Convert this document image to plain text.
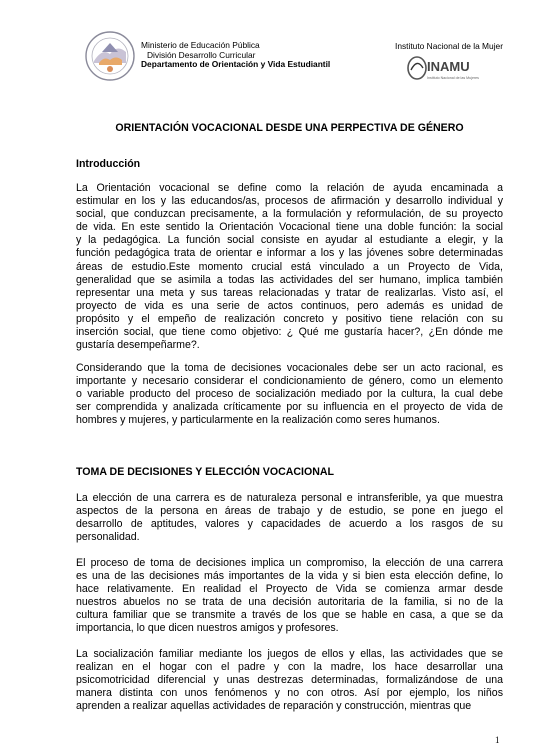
Ministerio de Educación Pública
División Desarrollo Curricular
Departamento de Orientación y Vida Estudiantil
Instituto Nacional de la Mujer
INAMU
Instituto Nacional de las Mujeres
ORIENTACIÓN VOCACIONAL DESDE UNA PERPECTIVA DE GÉNERO
Introducción
La Orientación vocacional se define como la relación de ayuda encaminada a
estimular en los y las educandos/as, procesos de afirmación y desarrollo individual y
social, que conduzcan precisamente, a la formulación y reformulación, de su proyecto
de vida. En este sentido la Orientación Vocacional tiene una doble función: la social
y la pedagógica. La función social consiste en ayudar al estudiante a elegir, y la
función pedagógica trata de orientar e informar a los y las jóvenes sobre determinadas
áreas de estudio.Este momento crucial está vinculado a un Proyecto de Vida,
generalidad que se asimila a todas las actividades del ser humano, implica también
representar una meta y sus tareas relacionadas y tratar de realizarlas. Visto así, el
proyecto de vida es una serie de actos continuos, pero además es unidad de
propósito y el empeño de realización concreto y positivo tiene relación con su
inserción social, que tiene como objetivo: ¿ Qué me gustaría hacer?, ¿En dónde me
gustaría desempeñarme?.
Considerando que la toma de decisiones vocacionales debe ser un acto racional, es
importante y necesario considerar el condicionamiento de género, como un elemento
o variable producto del proceso de socialización mediado por la cultura, la cual debe
ser comprendida y analizada críticamente por su influencia en el proyecto de vida de
hombres y mujeres, y particularmente en la realización como seres humanos.
TOMA DE DECISIONES Y ELECCIÓN VOCACIONAL
La elección de una carrera es de naturaleza personal e intransferible, ya que muestra
aspectos de la persona en áreas de trabajo y de estudio, se pone en juego el
desarrollo de aptitudes, valores y capacidades de acuerdo a los rasgos de su
personalidad.
El proceso de toma de decisiones implica un compromiso, la elección de una carrera
es una de las decisiones más importantes de la vida y si bien esta elección define, lo
hace relativamente. En realidad el Proyecto de Vida se comienza armar desde
nuestros abuelos no se trata de una decisión autoritaria de la familia, si no de la
cultura familiar que se transmite a través de los que se hable en casa, a que se da
importancia, lo que dicen nuestros amigos y profesores.
La socialización familiar mediante los juegos de ellos y ellas, las actividades que se
realizan en el hogar con el padre y con la madre, los hace desarrollar una
psicomotricidad diferencial y unas destrezas determinadas, formalizándose de una
manera distinta con unos fenómenos y no con otros. Así por ejemplo, los niños
aprenden a realizar aquellas actividades de reparación y construcción, mientras que
1
